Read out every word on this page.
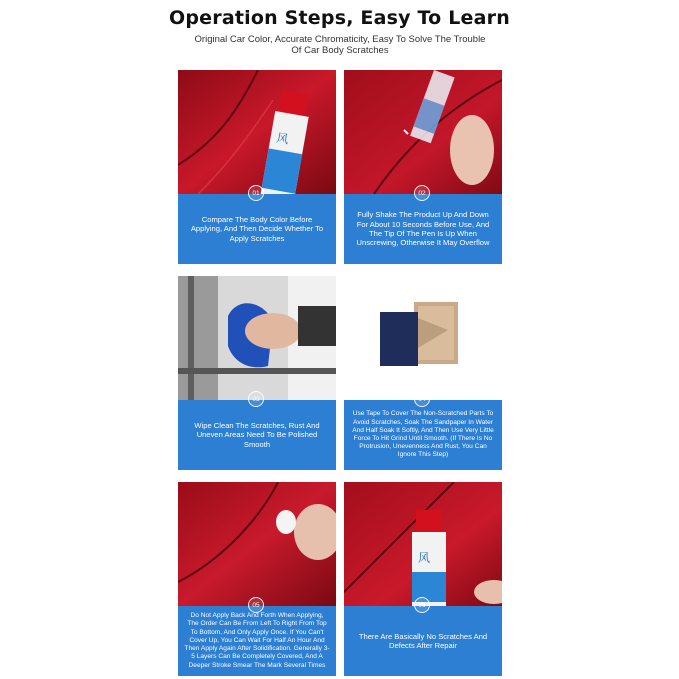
Operation Steps, Easy To Learn
Original Car Color, Accurate Chromaticity, Easy To Solve The Trouble Of Car Body Scratches
风
01
Compare The Body Color Before Applying, And Then Decide Whether To Apply Scratches
02
Fully Shake The Product Up And Down For About 10 Seconds Before Use, And The Tip Of The Pen Is Up When Unscrewing, Otherwise It May Overflow
03
Wipe Clean The Scratches, Rust And Uneven Areas Need To Be Polished Smooth
04
Use Tape To Cover The Non-Scratched Parts To Avoid Scratches, Soak The Sandpaper In Water And Half Soak It Softly, And Then Use Very Little Force To Hit Grind Until Smooth. (If There Is No Protrusion, Unevenness And Rust, You Can Ignore This Step)
05
Do Not Apply Back And Forth When Applying, The Order Can Be From Left To Right From Top To Bottom, And Only Apply Once. If You Can't Cover Up, You Can Wait For Half An Hour And Then Apply Again After Solidification. Generally 3-5 Layers Can Be Completely Covered, And A Deeper Stroke Smear The Mark Several Times
风
06
There Are Basically No Scratches And Defects After Repair
